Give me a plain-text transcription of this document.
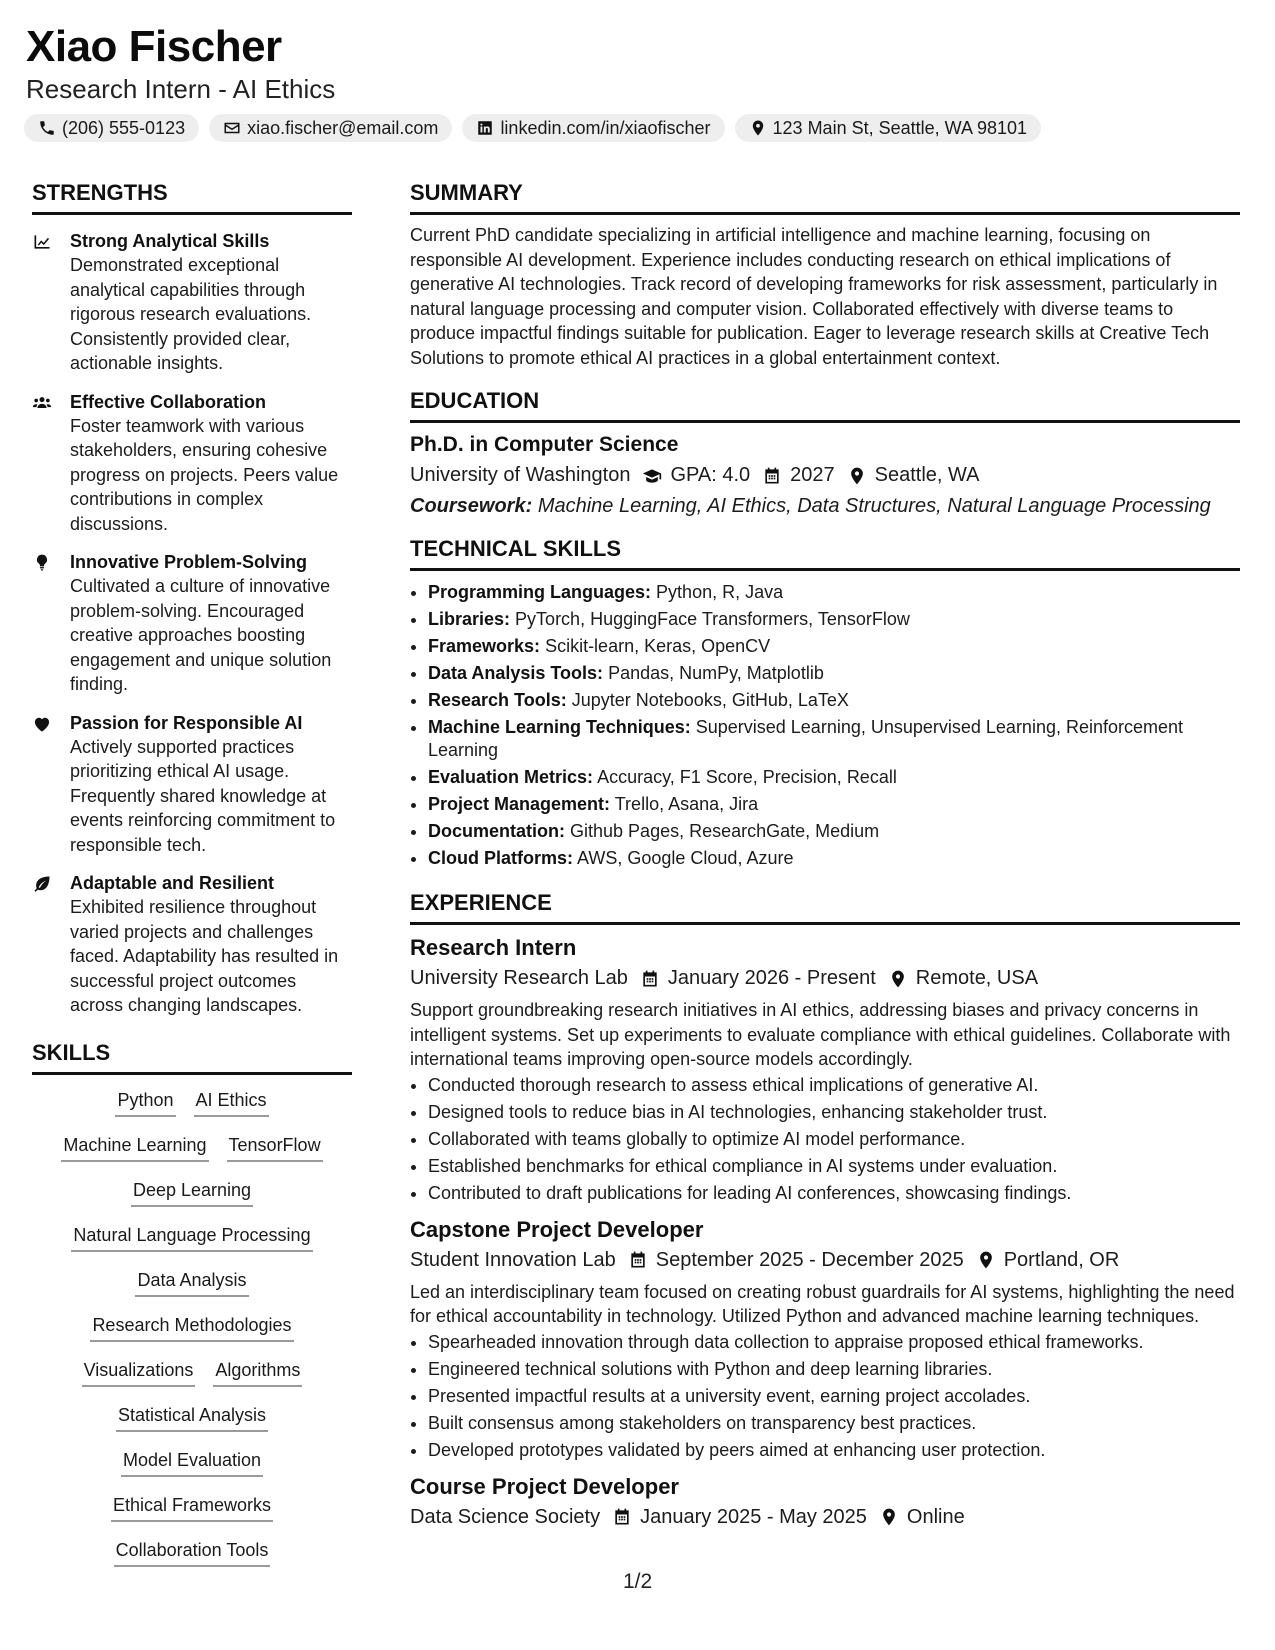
Xiao Fischer
Research Intern - AI Ethics
(206) 555-0123	xiao.fischer@email.com	linkedin.com/in/xiaofischer	123 Main St, Seattle, WA 98101
STRENGTHS
Strong Analytical Skills
Demonstrated exceptional analytical capabilities through rigorous research evaluations. Consistently provided clear, actionable insights.
Effective Collaboration
Foster teamwork with various stakeholders, ensuring cohesive progress on projects. Peers value contributions in complex discussions.
Innovative Problem-Solving
Cultivated a culture of innovative problem-solving. Encouraged creative approaches boosting engagement and unique solution finding.
Passion for Responsible AI
Actively supported practices prioritizing ethical AI usage. Frequently shared knowledge at events reinforcing commitment to responsible tech.
Adaptable and Resilient
Exhibited resilience throughout varied projects and challenges faced. Adaptability has resulted in successful project outcomes across changing landscapes.
SKILLS
Python AI Ethics
Machine Learning TensorFlow
Deep Learning
Natural Language Processing
Data Analysis
Research Methodologies
Visualizations Algorithms
Statistical Analysis
Model Evaluation
Ethical Frameworks
Collaboration Tools
SUMMARY

Current PhD candidate specializing in artificial intelligence and machine learning, focusing on responsible AI development. Experience includes conducting research on ethical implications of generative AI technologies. Track record of developing frameworks for risk assessment, particularly in natural language processing and computer vision. Collaborated effectively with diverse teams to produce impactful findings suitable for publication. Eager to leverage research skills at Creative Tech Solutions to promote ethical AI practices in a global entertainment context.

EDUCATION
Ph.D. in Computer Science
University of Washington GPA: 4.0 2027 Seattle, WA
Coursework: Machine Learning, AI Ethics, Data Structures, Natural Language Processing
TECHNICAL SKILLS
• Programming Languages: Python, R, Java
• Libraries: PyTorch, HuggingFace Transformers, TensorFlow
• Frameworks: Scikit-learn, Keras, OpenCV
• Data Analysis Tools: Pandas, NumPy, Matplotlib
• Research Tools: Jupyter Notebooks, GitHub, LaTeX
• Machine Learning Techniques: Supervised Learning, Unsupervised Learning, Reinforcement Learning
• Evaluation Metrics: Accuracy, F1 Score, Precision, Recall
• Project Management: Trello, Asana, Jira
• Documentation: Github Pages, ResearchGate, Medium
• Cloud Platforms: AWS, Google Cloud, Azure
EXPERIENCE
Research Intern
University Research Lab January 2026 - Present Remote, USA

Support groundbreaking research initiatives in AI ethics, addressing biases and privacy concerns in intelligent systems. Set up experiments to evaluate compliance with ethical guidelines. Collaborate with international teams improving open-source models accordingly.

• Conducted thorough research to assess ethical implications of generative AI.
• Designed tools to reduce bias in AI technologies, enhancing stakeholder trust.
• Collaborated with teams globally to optimize AI model performance.
• Established benchmarks for ethical compliance in AI systems under evaluation.
• Contributed to draft publications for leading AI conferences, showcasing findings.
Capstone Project Developer
Student Innovation Lab September 2025 - December 2025 Portland, OR

Led an interdisciplinary team focused on creating robust guardrails for AI systems, highlighting the need for ethical accountability in technology. Utilized Python and advanced machine learning techniques.

• Spearheaded innovation through data collection to appraise proposed ethical frameworks.
• Engineered technical solutions with Python and deep learning libraries.
• Presented impactful results at a university event, earning project accolades.
• Built consensus among stakeholders on transparency best practices.
• Developed prototypes validated by peers aimed at enhancing user protection.
Course Project Developer
Data Science Society January 2025 - May 2025 Online
1/2
